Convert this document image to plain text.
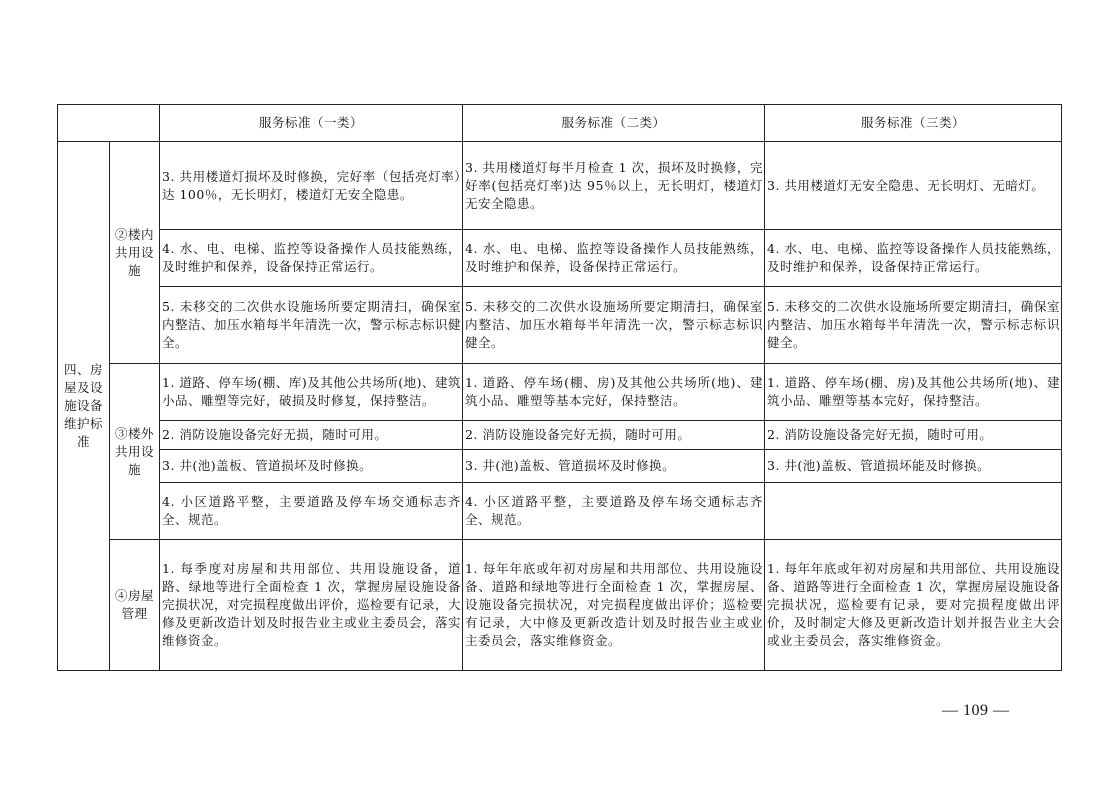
		服务标准（一类）	服务标准（二类）	服务标准（三类）
四、房屋及设施设备维护标准	②楼内共用设施	3. 共用楼道灯损坏及时修换，完好率（包括亮灯率）达 100％，无长明灯，楼道灯无安全隐患。	3. 共用楼道灯每半月检查 1 次，损坏及时换修，完好率(包括亮灯率)达 95％以上，无长明灯，楼道灯无安全隐患。	3. 共用楼道灯无安全隐患、无长明灯、无暗灯。
		4. 水、电、电梯、监控等设备操作人员技能熟练，及时维护和保养，设备保持正常运行。	4. 水、电、电梯、监控等设备操作人员技能熟练，及时维护和保养，设备保持正常运行。	4. 水、电、电梯、监控等设备操作人员技能熟练，及时维护和保养，设备保持正常运行。
		5. 未移交的二次供水设施场所要定期清扫，确保室内整洁、加压水箱每半年清洗一次，警示标志标识健全。	5. 未移交的二次供水设施场所要定期清扫，确保室内整洁、加压水箱每半年清洗一次，警示标志标识健全。	5. 未移交的二次供水设施场所要定期清扫，确保室内整洁、加压水箱每半年清洗一次，警示标志标识健全。
	③楼外共用设施	1. 道路、停车场(棚、库)及其他公共场所(地)、建筑小品、雕塑等完好，破损及时修复，保持整洁。	1. 道路、停车场(棚、房)及其他公共场所(地)、建筑小品、雕塑等基本完好，保持整洁。	1. 道路、停车场(棚、房)及其他公共场所(地)、建筑小品、雕塑等基本完好，保持整洁。
		2. 消防设施设备完好无损，随时可用。	2. 消防设施设备完好无损，随时可用。	2. 消防设施设备完好无损，随时可用。
		3. 井(池)盖板、管道损坏及时修换。	3. 井(池)盖板、管道损坏及时修换。	3. 井(池)盖板、管道损坏能及时修换。
		4. 小区道路平整，主要道路及停车场交通标志齐全、规范。	4. 小区道路平整，主要道路及停车场交通标志齐全、规范。	
	④房屋管理	1. 每季度对房屋和共用部位、共用设施设备，道路、绿地等进行全面检查 1 次，掌握房屋设施设备完损状况，对完损程度做出评价，巡检要有记录，大修及更新改造计划及时报告业主或业主委员会，落实维修资金。	1. 每年年底或年初对房屋和共用部位、共用设施设备、道路和绿地等进行全面检查 1 次，掌握房屋、设施设备完损状况，对完损程度做出评价；巡检要有记录，大中修及更新改造计划及时报告业主或业主委员会，落实维修资金。	1. 每年年底或年初对房屋和共用部位、共用设施设备、道路等进行全面检查 1 次，掌握房屋设施设备完损状况，巡检要有记录，要对完损程度做出评价，及时制定大修及更新改造计划并报告业主大会或业主委员会，落实维修资金。
— 109 —
